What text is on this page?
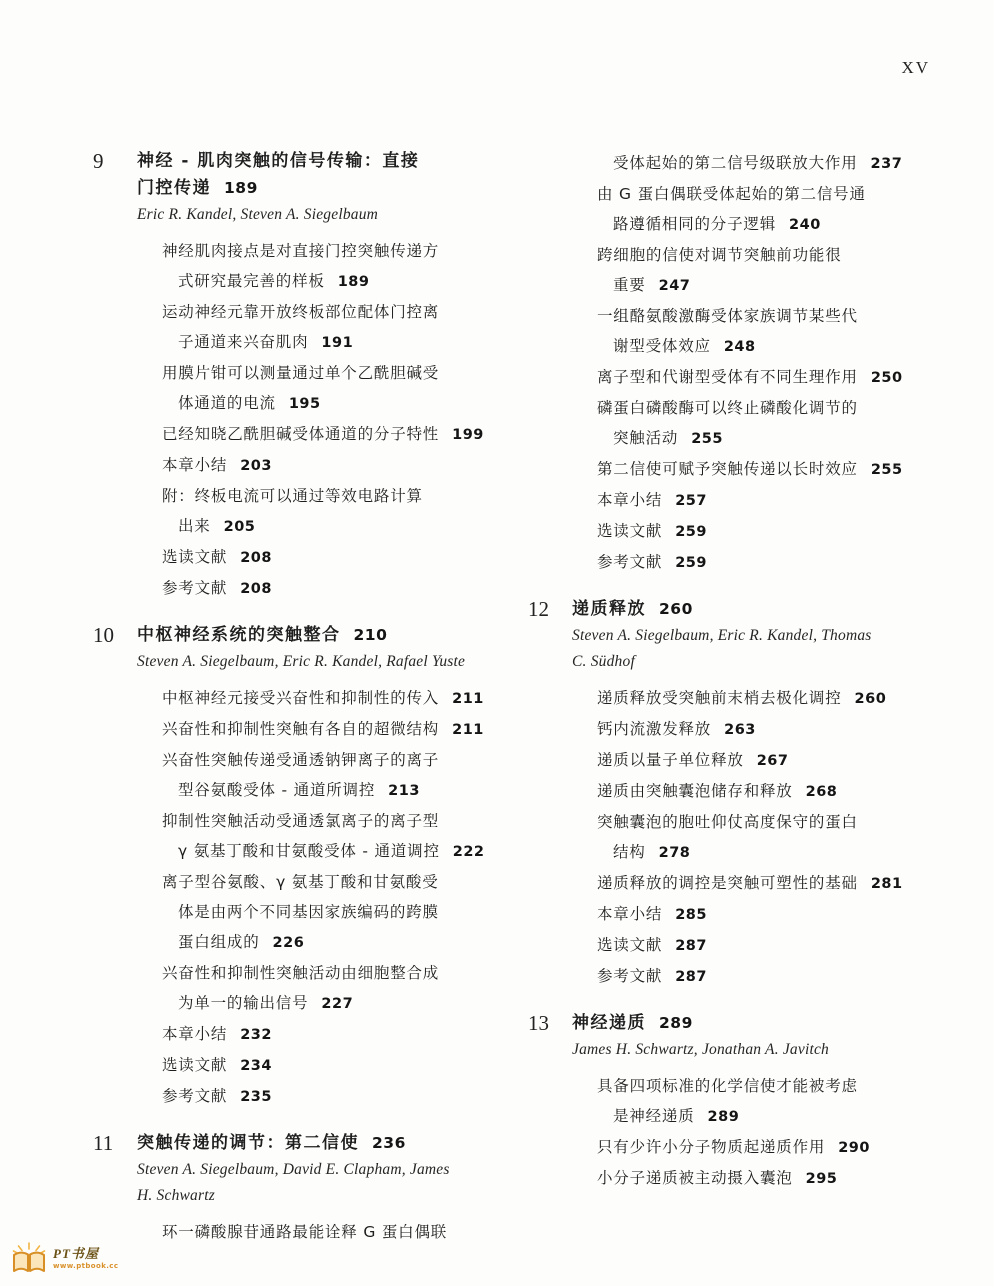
XV
9	神经 - 肌肉突触的信号传输：直接
门控传递 189
Eric R. Kandel, Steven A. Siegelbaum
神经肌肉接点是对直接门控突触传递方
式研究最完善的样板 189
运动神经元靠开放终板部位配体门控离
子通道来兴奋肌肉 191
用膜片钳可以测量通过单个乙酰胆碱受
体通道的电流 195
已经知晓乙酰胆碱受体通道的分子特性 199
本章小结 203
附：终板电流可以通过等效电路计算
出来 205
选读文献 208
参考文献 208
10 中枢神经系统的突触整合 210
Steven A. Siegelbaum, Eric R. Kandel, Rafael Yuste
中枢神经元接受兴奋性和抑制性的传入 211
兴奋性和抑制性突触有各自的超微结构 211
兴奋性突触传递受通透钠钾离子的离子
型谷氨酸受体 - 通道所调控 213
抑制性突触活动受通透氯离子的离子型
γ 氨基丁酸和甘氨酸受体 - 通道调控 222
离子型谷氨酸、γ 氨基丁酸和甘氨酸受
体是由两个不同基因家族编码的跨膜
蛋白组成的 226
兴奋性和抑制性突触活动由细胞整合成
为单一的输出信号 227
本章小结 232
选读文献 234
参考文献 235
11 突触传递的调节：第二信使 236
Steven A. Siegelbaum, David E. Clapham, James
H. Schwartz
环一磷酸腺苷通路最能诠释 G 蛋白偶联
受体起始的第二信号级联放大作用 237
由 G 蛋白偶联受体起始的第二信号通
路遵循相同的分子逻辑 240
跨细胞的信使对调节突触前功能很
重要 247
一组酪氨酸激酶受体家族调节某些代
谢型受体效应 248
离子型和代谢型受体有不同生理作用 250
磷蛋白磷酸酶可以终止磷酸化调节的
突触活动 255
第二信使可赋予突触传递以长时效应 255
本章小结 257
选读文献 259
参考文献 259
12 递质释放 260
Steven A. Siegelbaum, Eric R. Kandel, Thomas
C. Südhof
递质释放受突触前末梢去极化调控 260
钙内流激发释放 263
递质以量子单位释放 267
递质由突触囊泡储存和释放 268
突触囊泡的胞吐仰仗高度保守的蛋白
结构 278
递质释放的调控是突触可塑性的基础 281
本章小结 285
选读文献 287
参考文献 287
13 神经递质 289
James H. Schwartz, Jonathan A. Javitch
具备四项标准的化学信使才能被考虑
是神经递质 289
只有少许小分子物质起递质作用 290
小分子递质被主动摄入囊泡 295
PT书屋
www.ptbook.cc
